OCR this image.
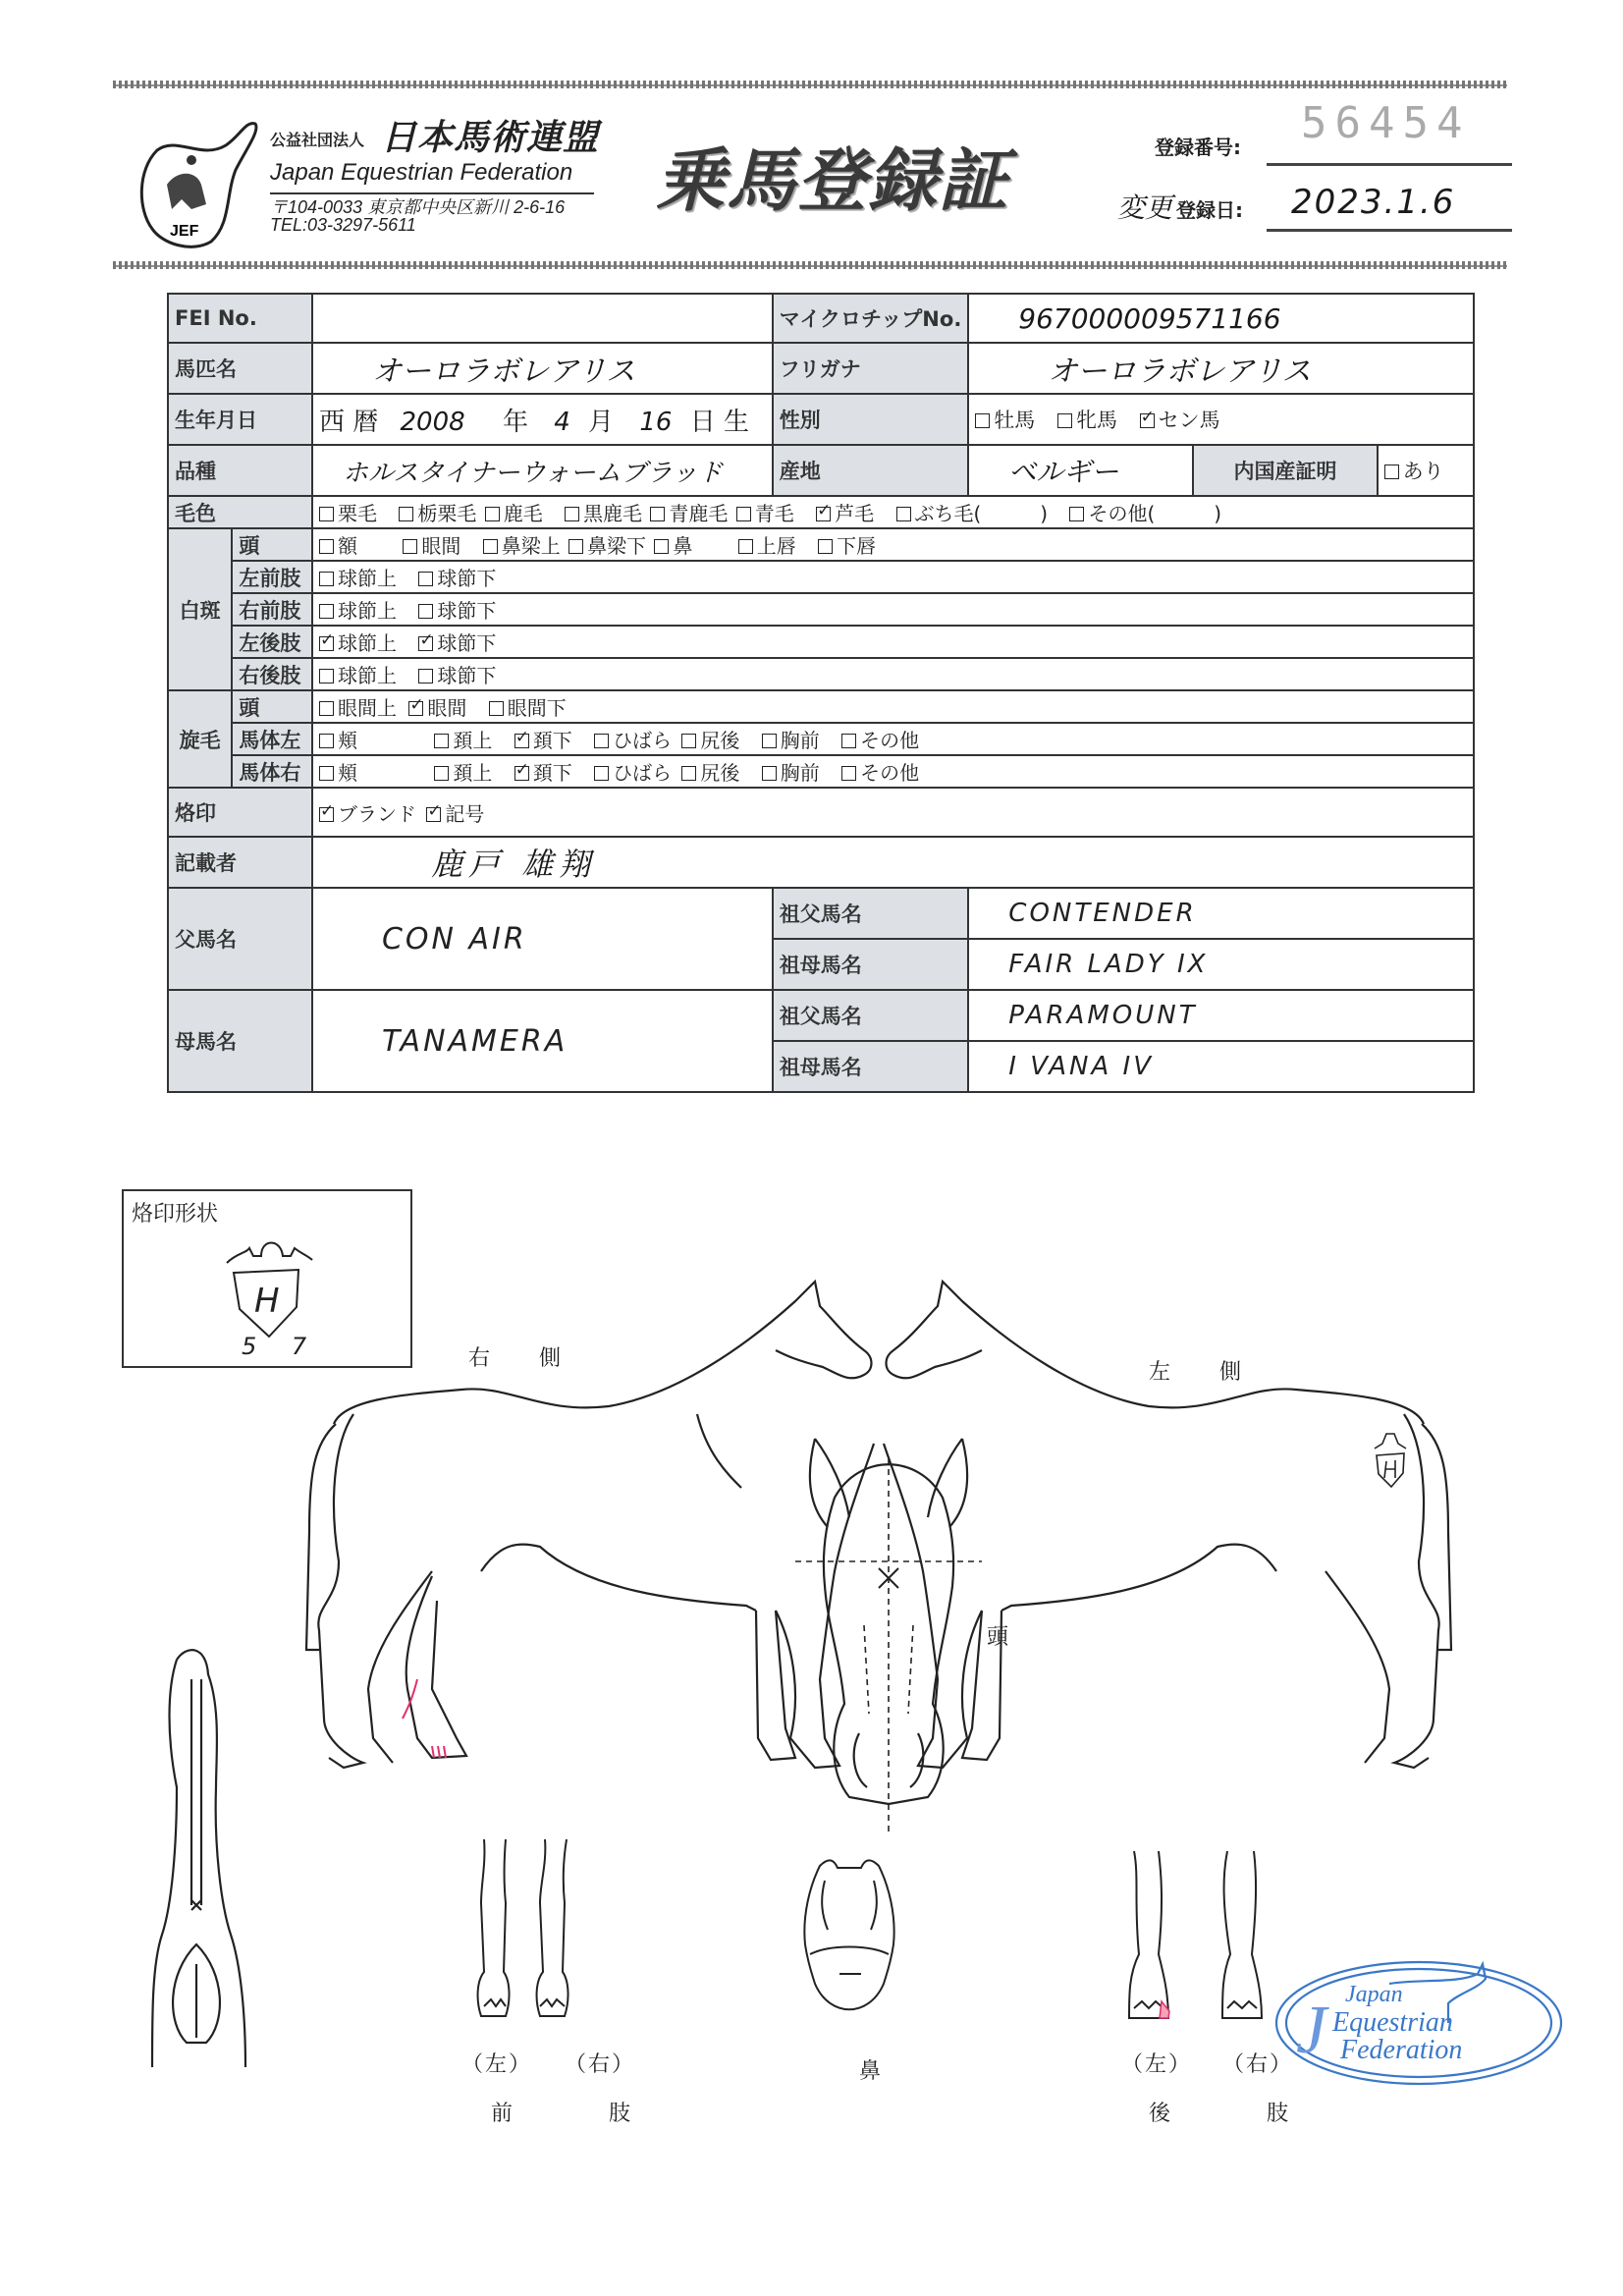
JEF
公益社団法人 日本馬術連盟
Japan Equestrian Federation
〒104-0033 東京都中央区新川 2-6-16
TEL:03-3297-5611
乗馬登録証	登録番号: 56454
変更 登録日: 2023.1.6
FEI No.			マイクロチップNo.	967000009571166		
馬匹名		オーロラボレアリス	フリガナ	オーロラボレアリス		
生年月日		西 暦 2008 年 4 月 16 日 生	性別	牡馬 牝馬 ✓ セン馬
品種		ホルスタイナーウォームブラッド	産地	ベルギー	内国産証明	あり
毛色		栗毛 栃栗毛 鹿毛 黒鹿毛 青鹿毛 青毛 ✓ 芦毛 ぶち毛(　　　) その他(　　　)
白斑	頭	額 眼間 鼻梁上 鼻梁下 鼻 上唇 下唇				
	左前肢	球節上 球節下				
	右前肢	球節上 球節下				
	左後肢	✓球節上 ✓ 球節下
	右後肢	球節上 球節下				
旋毛	頭	眼間上 ✓ 眼間 眼間下
	馬体左	頬 頚上 ✓ 頚下 ひばら 尻後 胸前 その他
	馬体右	頬 頚上 ✓ 頚下 ひばら 尻後 胸前 その他
烙印	✓ブランド ✓ 記号
記載者		鹿戸 雄翔				
父馬名		CON AIR	祖父馬名	CONTENDER		
			祖母馬名	FAIR LADY IX		
母馬名		TANAMERA	祖父馬名	PARAMOUNT		
			祖母馬名	I VANA IV		
烙印形状
H
5 7	右　　側
左　　側
頭
（左） （右）
前　　　肢
鼻	（左） （右）
後　　　肢
J Japan
Equestrian
Federation
